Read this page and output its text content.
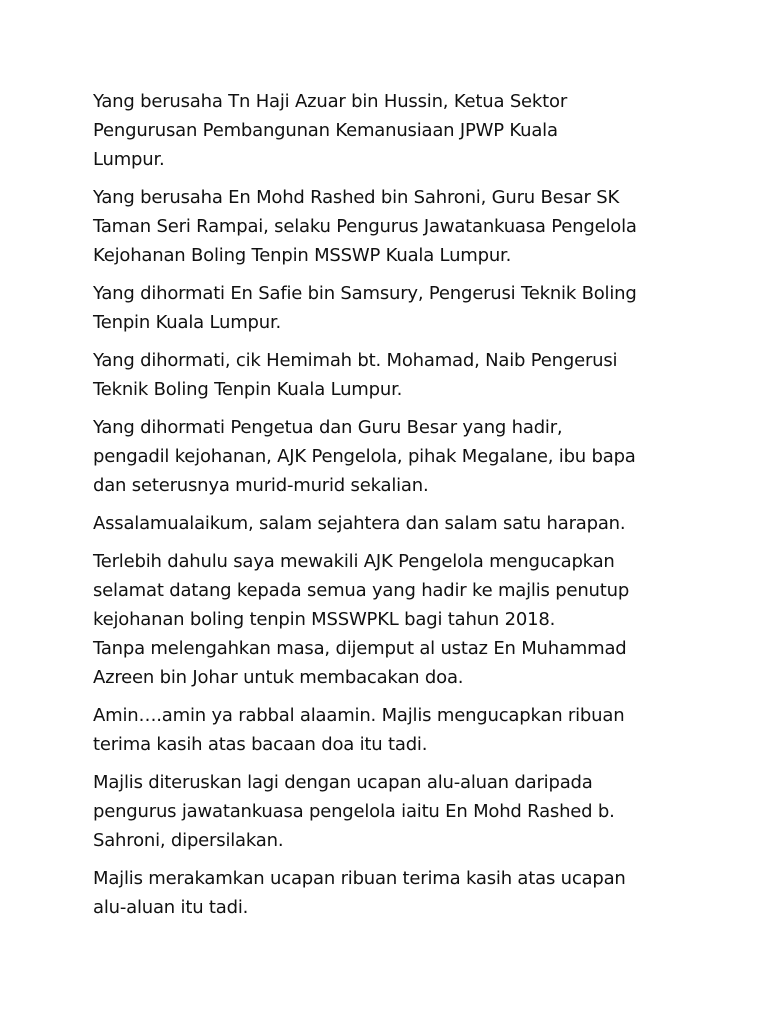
Yang berusaha Tn Haji Azuar bin Hussin, Ketua Sektor
Pengurusan Pembangunan Kemanusiaan JPWP Kuala
Lumpur.

Yang berusaha En Mohd Rashed bin Sahroni, Guru Besar SK
Taman Seri Rampai, selaku Pengurus Jawatankuasa Pengelola
Kejohanan Boling Tenpin MSSWP Kuala Lumpur.

Yang dihormati En Safie bin Samsury, Pengerusi Teknik Boling
Tenpin Kuala Lumpur.

Yang dihormati, cik Hemimah bt. Mohamad, Naib Pengerusi
Teknik Boling Tenpin Kuala Lumpur.

Yang dihormati Pengetua dan Guru Besar yang hadir,
pengadil kejohanan, AJK Pengelola, pihak Megalane, ibu bapa
dan seterusnya murid-murid sekalian.

Assalamualaikum, salam sejahtera dan salam satu harapan.

Terlebih dahulu saya mewakili AJK Pengelola mengucapkan
selamat datang kepada semua yang hadir ke majlis penutup
kejohanan boling tenpin MSSWPKL bagi tahun 2018.
Tanpa melengahkan masa, dijemput al ustaz En Muhammad
Azreen bin Johar untuk membacakan doa.

Amin….amin ya rabbal alaamin. Majlis mengucapkan ribuan
terima kasih atas bacaan doa itu tadi.

Majlis diteruskan lagi dengan ucapan alu-aluan daripada
pengurus jawatankuasa pengelola iaitu En Mohd Rashed b.
Sahroni, dipersilakan.

Majlis merakamkan ucapan ribuan terima kasih atas ucapan
alu-aluan itu tadi.
